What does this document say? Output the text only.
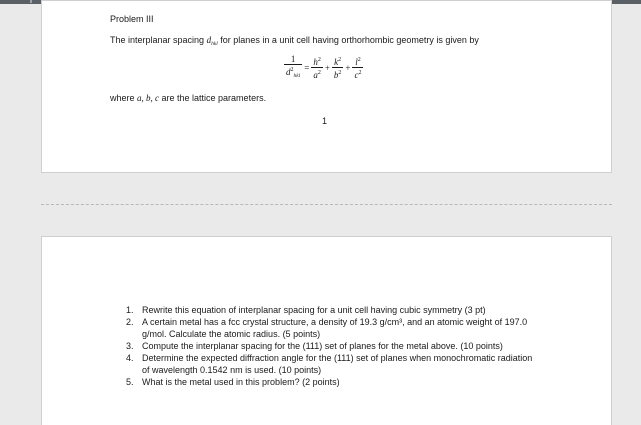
Problem III
The interplanar spacing $d_{hkl}$ for planes in a unit cell having orthorhombic geometry is given by
$\frac{1}{d^2_{hkl}} = \frac{h^2}{a^2} + \frac{k^2}{b^2} + \frac{l^2}{c^2}$
where a, b, c are the lattice parameters.
1
1. Rewrite this equation of interplanar spacing for a unit cell having cubic symmetry (3 pt)
2. A certain metal has a fcc crystal structure, a density of 19.3 g/cm³, and an atomic weight of 197.0 g/mol. Calculate the atomic radius. (5 points)
3. Compute the interplanar spacing for the (111) set of planes for the metal above. (10 points)
4. Determine the expected diffraction angle for the (111) set of planes when monochromatic radiation of wavelength 0.1542 nm is used. (10 points)
5. What is the metal used in this problem? (2 points)
